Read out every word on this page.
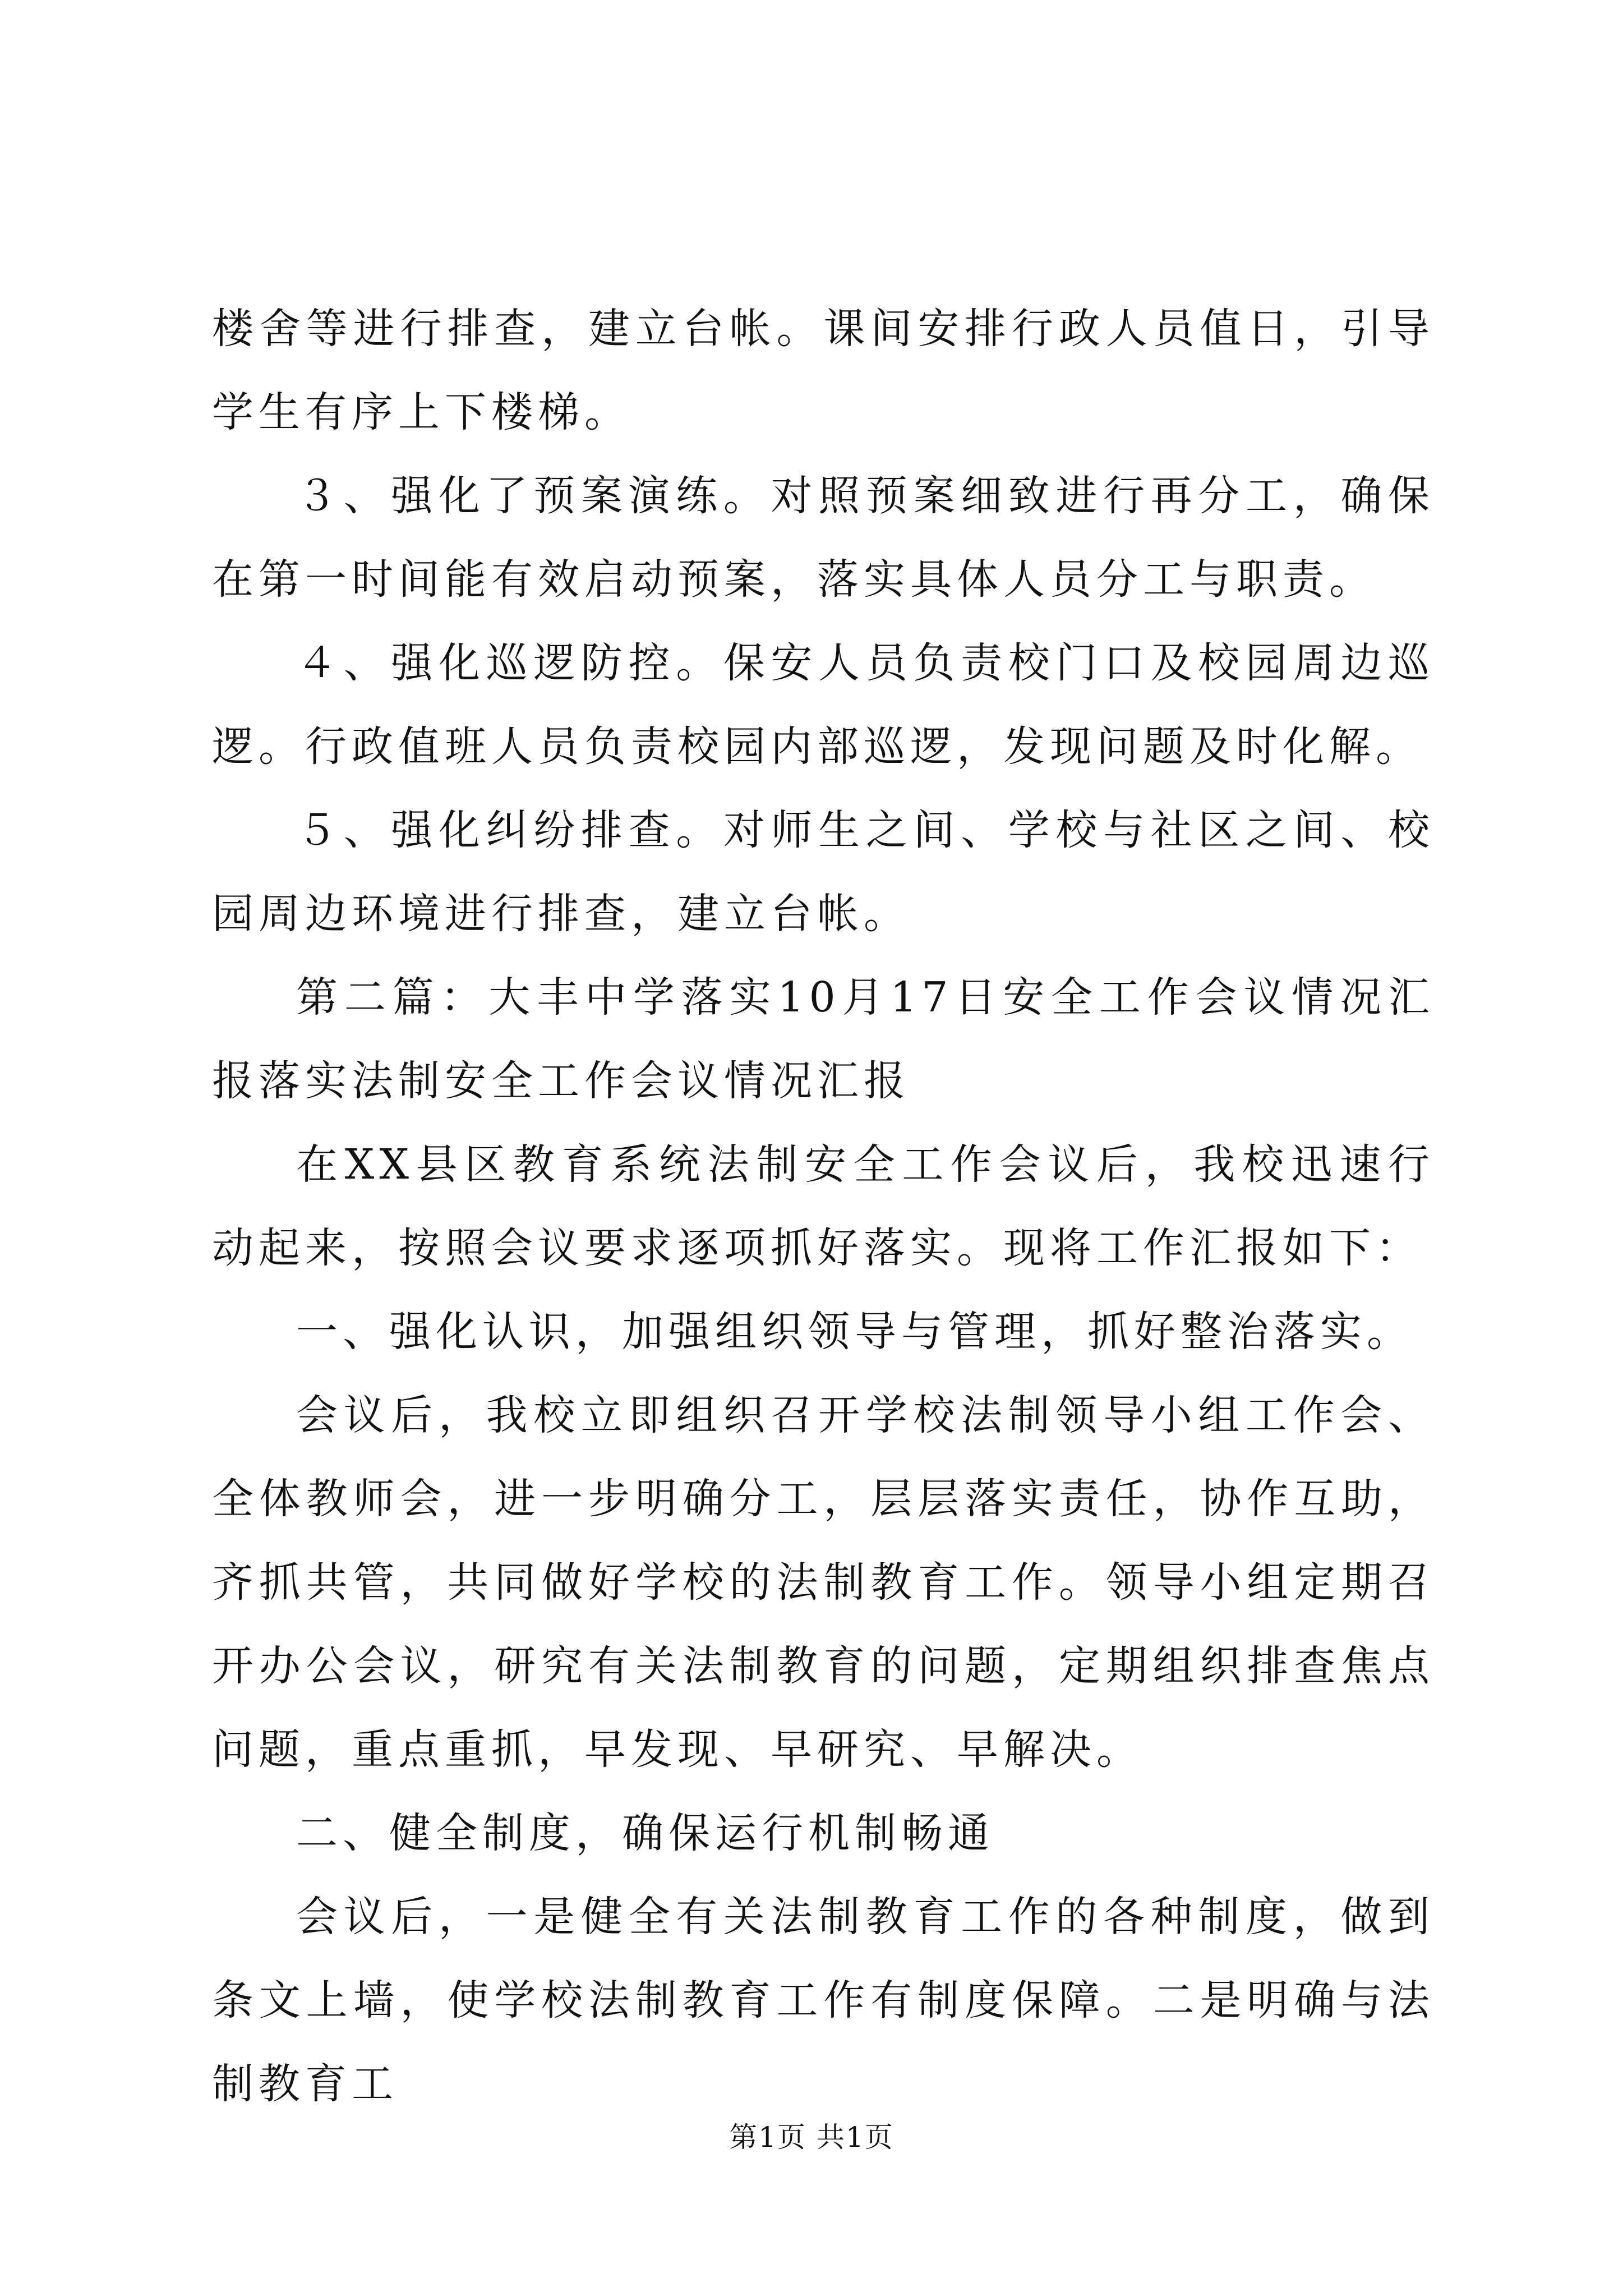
楼舍等进行排查，建立台帐。课间安排行政人员值日，引导学生有序上下楼梯。

３、强化了预案演练。对照预案细致进行再分工，确保在第一时间能有效启动预案，落实具体人员分工与职责。

４、强化巡逻防控。保安人员负责校门口及校园周边巡逻。行政值班人员负责校园内部巡逻，发现问题及时化解。

５、强化纠纷排查。对师生之间、学校与社区之间、校园周边环境进行排查，建立台帐。

第二篇：大丰中学落实10月17日安全工作会议情况汇报落实法制安全工作会议情况汇报

在XX县区教育系统法制安全工作会议后，我校迅速行动起来，按照会议要求逐项抓好落实。现将工作汇报如下：

一、强化认识，加强组织领导与管理，抓好整治落实。

会议后，我校立即组织召开学校法制领导小组工作会、全体教师会，进一步明确分工，层层落实责任，协作互助，齐抓共管，共同做好学校的法制教育工作。领导小组定期召开办公会议，研究有关法制教育的问题，定期组织排查焦点问题，重点重抓，早发现、早研究、早解决。

二、健全制度，确保运行机制畅通

会议后，一是健全有关法制教育工作的各种制度，做到条文上墙，使学校法制教育工作有制度保障。二是明确与法制教育工

第1页 共1页
